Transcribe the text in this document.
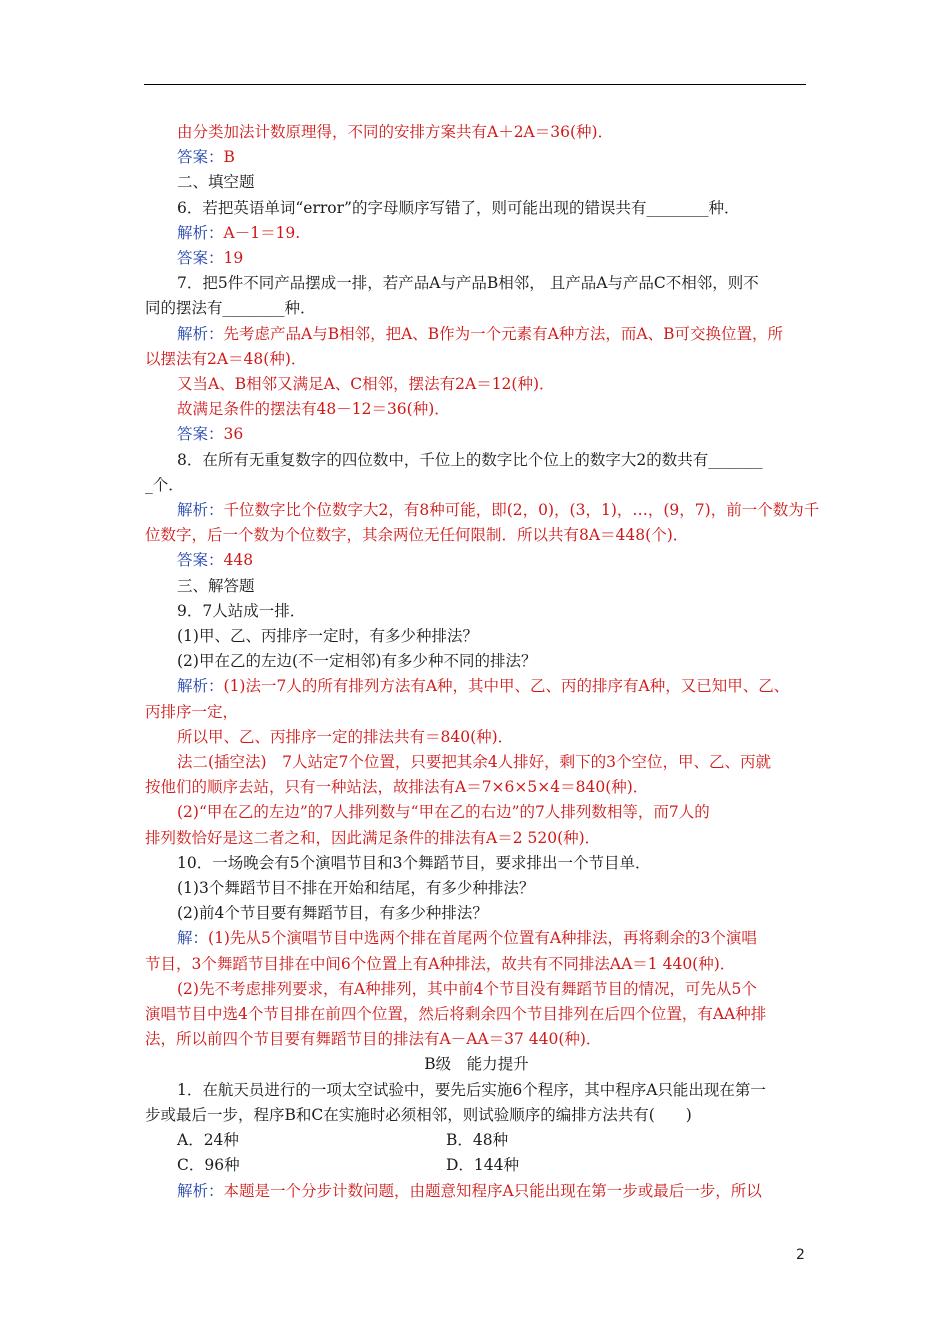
由分类加法计数原理得，不同的安排方案共有A＋2A＝36(种)．
答案：B
二、填空题
6．若把英语单词“error”的字母顺序写错了，则可能出现的错误共有________种．
解析：A－1＝19.
答案：19
7．把5件不同产品摆成一排，若产品A与产品B相邻， 且产品A与产品C不相邻，则不
同的摆法有________种．
解析：先考虑产品A与B相邻，把A、B作为一个元素有A种方法，而A、B可交换位置，所
以摆法有2A＝48(种)．
又当A、B相邻又满足A、C相邻，摆法有2A＝12(种)．
故满足条件的摆法有48－12＝36(种)．
答案：36
8．在所有无重复数字的四位数中，千位上的数字比个位上的数字大2的数共有_______
_个．
解析：千位数字比个位数字大2，有8种可能，即(2，0)，(3，1)，…，(9，7)，前一个数为千
位数字，后一个数为个位数字，其余两位无任何限制．所以共有8A＝448(个)．
答案：448
三、解答题
9．7人站成一排．
(1)甲、乙、丙排序一定时，有多少种排法？
(2)甲在乙的左边(不一定相邻)有多少种不同的排法？
解析：(1)法一7人的所有排列方法有A种，其中甲、乙、丙的排序有A种，又已知甲、乙、
丙排序一定，
所以甲、乙、丙排序一定的排法共有＝840(种)．
法二(插空法)　7人站定7个位置，只要把其余4人排好，剩下的3个空位，甲、乙、丙就
按他们的顺序去站，只有一种站法，故排法有A＝7×6×5×4＝840(种)．
(2)“甲在乙的左边”的7人排列数与“甲在乙的右边”的7人排列数相等，而7人的
排列数恰好是这二者之和，因此满足条件的排法有A＝2 520(种)．
10．一场晚会有5个演唱节目和3个舞蹈节目，要求排出一个节目单．
(1)3个舞蹈节目不排在开始和结尾，有多少种排法？
(2)前4个节目要有舞蹈节目，有多少种排法？
解：(1)先从5个演唱节目中选两个排在首尾两个位置有A种排法，再将剩余的3个演唱
节目，3个舞蹈节目排在中间6个位置上有A种排法，故共有不同排法AA＝1 440(种)．
(2)先不考虑排列要求，有A种排列，其中前4个节目没有舞蹈节目的情况，可先从5个
演唱节目中选4个节目排在前四个位置，然后将剩余四个节目排列在后四个位置，有AA种排
法，所以前四个节目要有舞蹈节目的排法有A－AA＝37 440(种)．
B级　能力提升
1．在航天员进行的一项太空试验中，要先后实施6个程序，其中程序A只能出现在第一
步或最后一步，程序B和C在实施时必须相邻，则试验顺序的编排方法共有(　　)
A．24种	B．48种
C．96种	D．144种
解析：本题是一个分步计数问题，由题意知程序A只能出现在第一步或最后一步，所以
2
